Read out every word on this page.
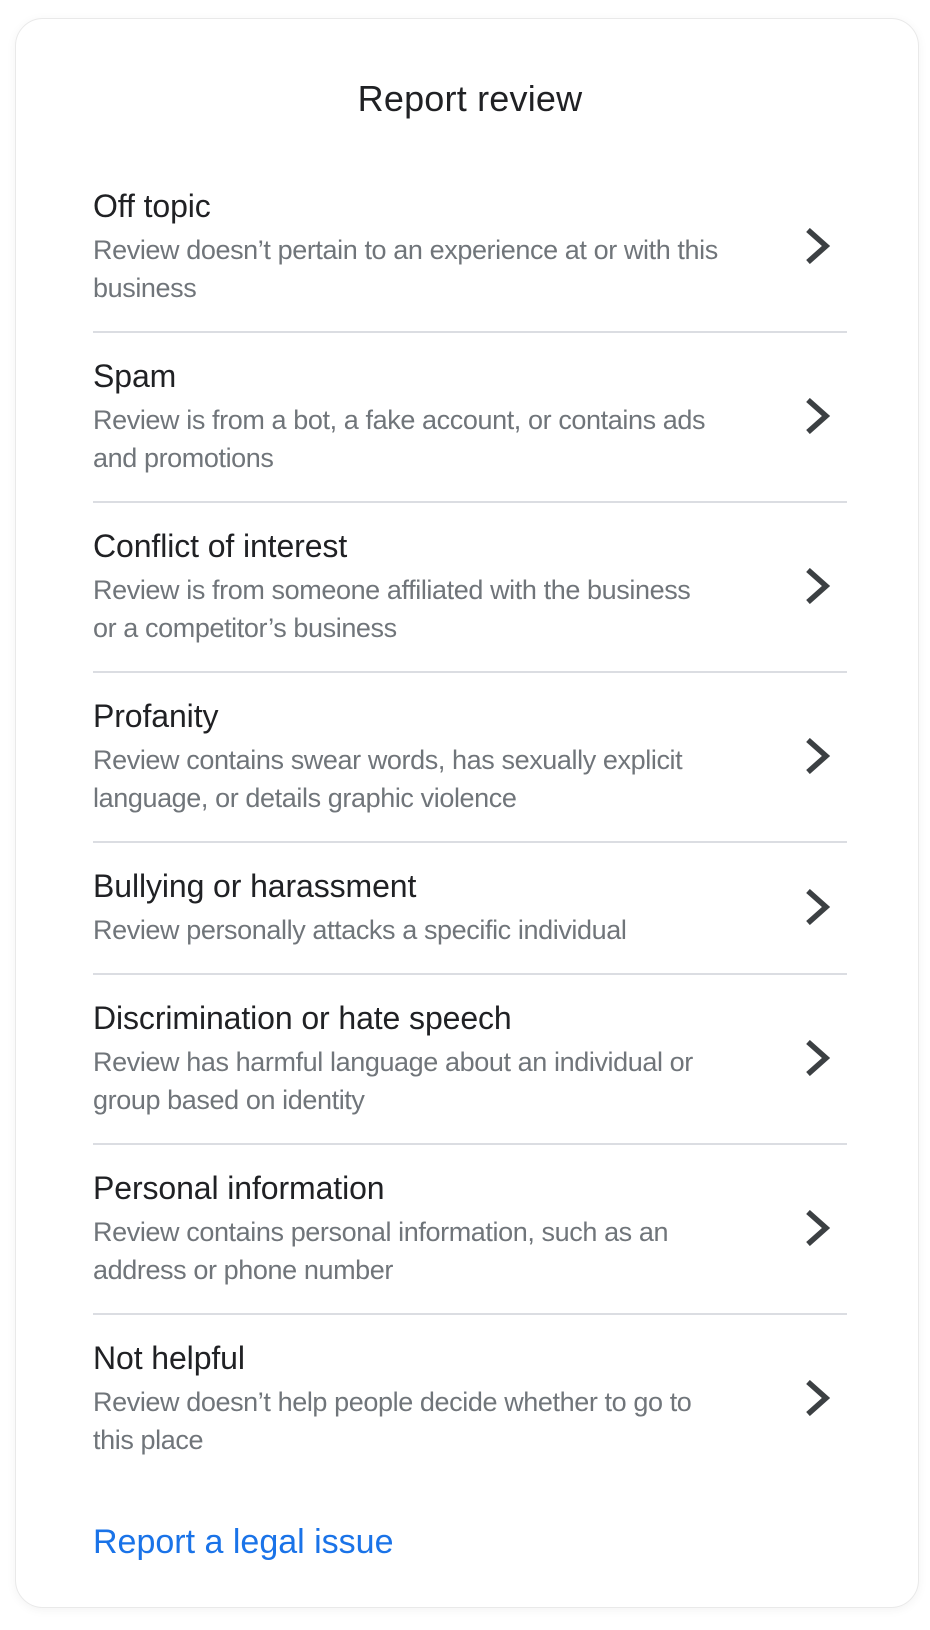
Report review
Off topic
Review doesn’t pertain to an experience at or with this
business
Spam
Review is from a bot, a fake account, or contains ads
and promotions
Conflict of interest
Review is from someone affiliated with the business
or a competitor’s business
Profanity
Review contains swear words, has sexually explicit
language, or details graphic violence
Bullying or harassment
Review personally attacks a specific individual
Discrimination or hate speech
Review has harmful language about an individual or
group based on identity
Personal information
Review contains personal information, such as an
address or phone number
Not helpful
Review doesn’t help people decide whether to go to
this place
Report a legal issue
